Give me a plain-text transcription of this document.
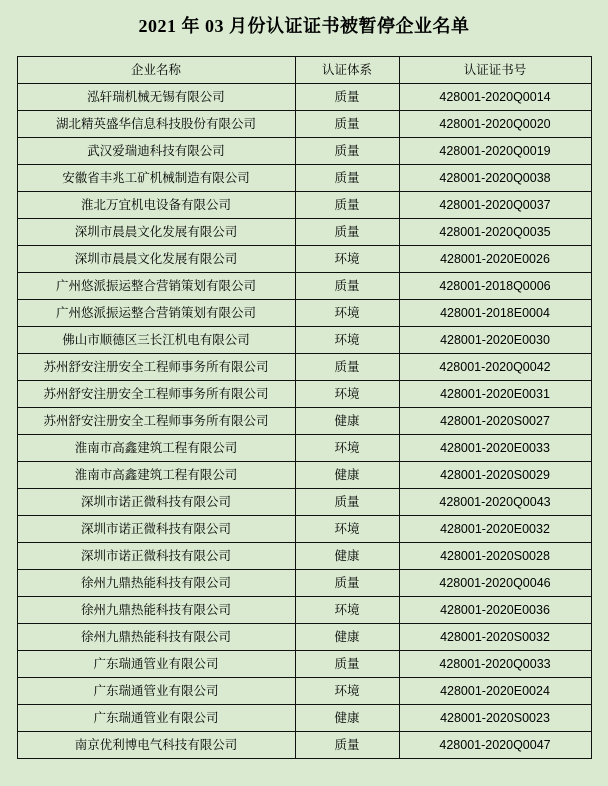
2021 年 03 月份认证证书被暂停企业名单
企业名称	认证体系	认证证书号
泓轩瑞机械无锡有限公司	质量	428001-2020Q0014
湖北精英盛华信息科技股份有限公司	质量	428001-2020Q0020
武汉爱瑞迪科技有限公司	质量	428001-2020Q0019
安徽省丰兆工矿机械制造有限公司	质量	428001-2020Q0038
淮北万宜机电设备有限公司	质量	428001-2020Q0037
深圳市晨晨文化发展有限公司	质量	428001-2020Q0035
深圳市晨晨文化发展有限公司	环境	428001-2020E0026
广州悠派振运整合营销策划有限公司	质量	428001-2018Q0006
广州悠派振运整合营销策划有限公司	环境	428001-2018E0004
佛山市顺德区三长江机电有限公司	环境	428001-2020E0030
苏州舒安注册安全工程师事务所有限公司	质量	428001-2020Q0042
苏州舒安注册安全工程师事务所有限公司	环境	428001-2020E0031
苏州舒安注册安全工程师事务所有限公司	健康	428001-2020S0027
淮南市高鑫建筑工程有限公司	环境	428001-2020E0033
淮南市高鑫建筑工程有限公司	健康	428001-2020S0029
深圳市诺正微科技有限公司	质量	428001-2020Q0043
深圳市诺正微科技有限公司	环境	428001-2020E0032
深圳市诺正微科技有限公司	健康	428001-2020S0028
徐州九鼎热能科技有限公司	质量	428001-2020Q0046
徐州九鼎热能科技有限公司	环境	428001-2020E0036
徐州九鼎热能科技有限公司	健康	428001-2020S0032
广东瑞通管业有限公司	质量	428001-2020Q0033
广东瑞通管业有限公司	环境	428001-2020E0024
广东瑞通管业有限公司	健康	428001-2020S0023
南京优利博电气科技有限公司	质量	428001-2020Q0047
